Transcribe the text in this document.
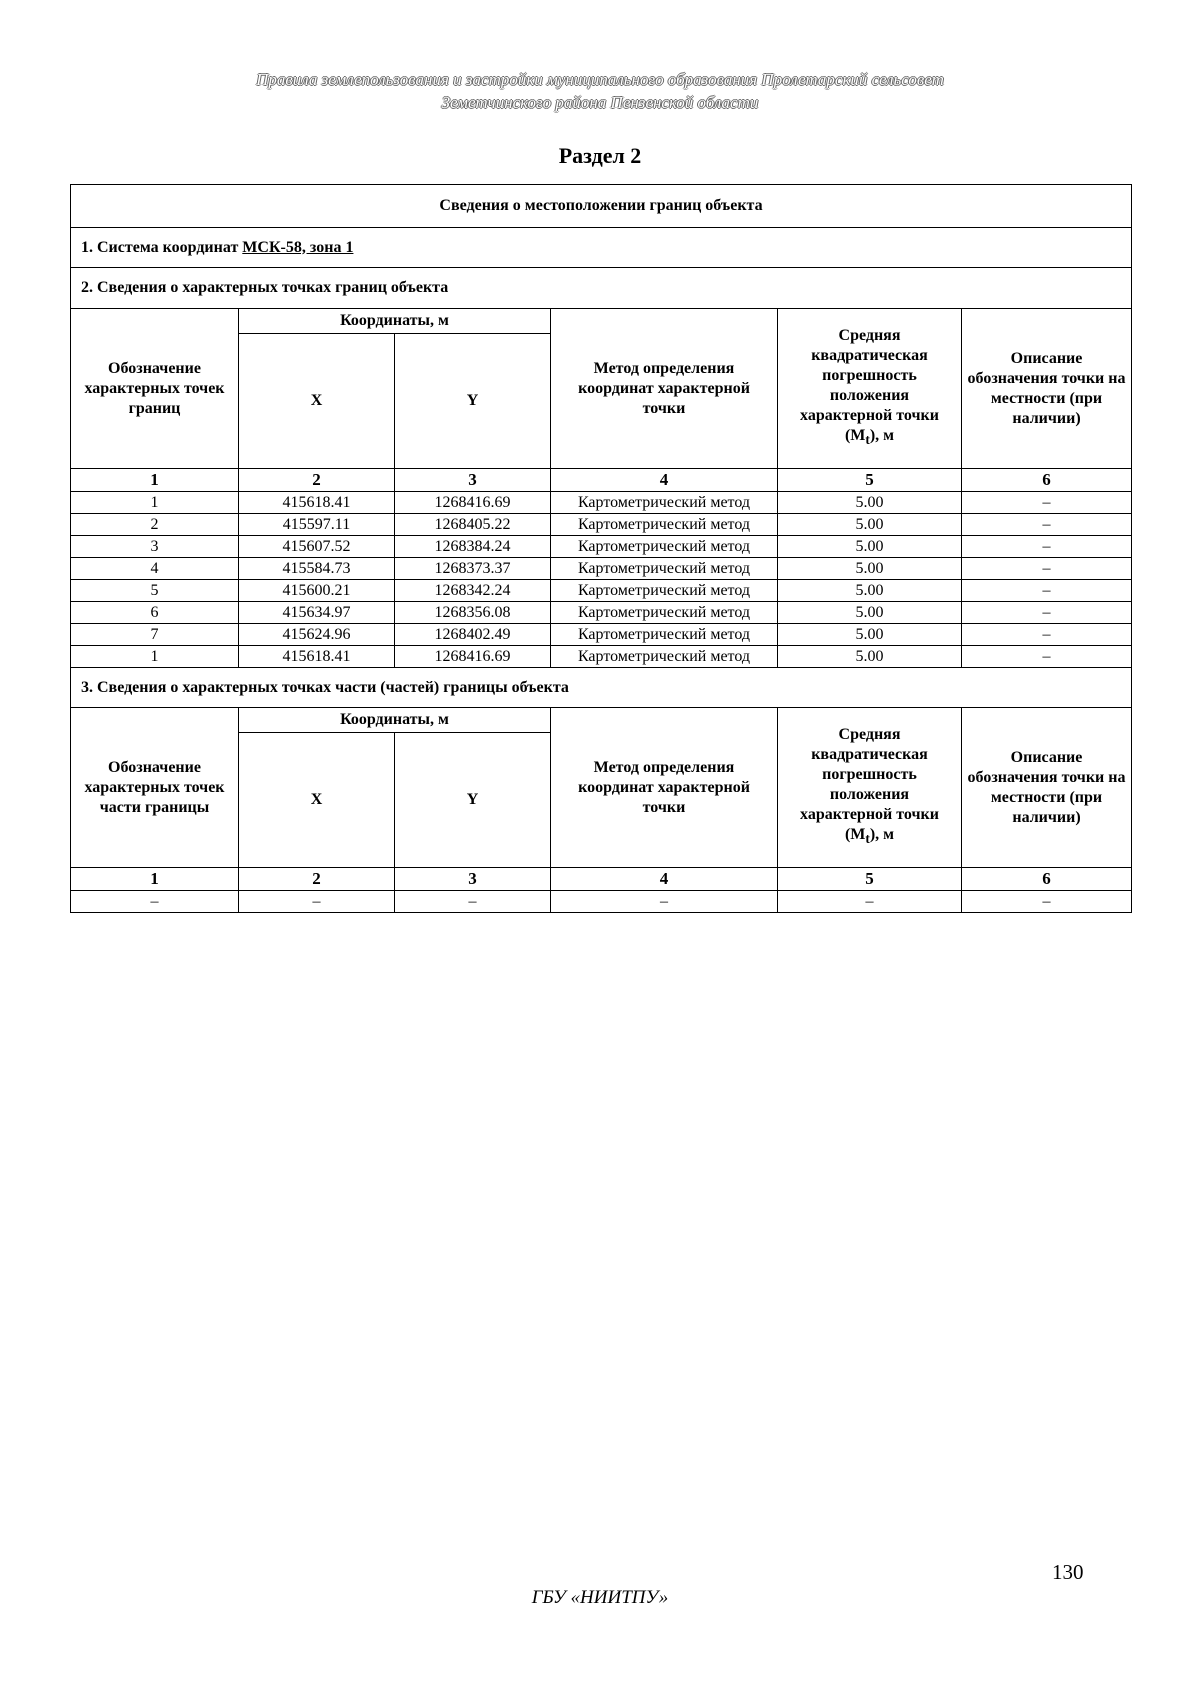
Правила землепользования и застройки муниципального образования Пролетарский сельсовет
Земетчинского района Пензенской области
Раздел 2
Сведения о местоположении границ объекта					
1. Система координат МСК-58, зона 1					
2. Сведения о характерных точках границ объекта					
Обозначение характерных точек границ	Координаты, м		Метод определения координат характерной точки	Средняя квадратическая погрешность положения характерной точки $(M_t)$, м	Описание обозначения точки на местности (при наличии)
	X	Y			
1	2	3	4	5	6
1	415618.41	1268416.69	Картометрический метод	5.00	–
2	415597.11	1268405.22	Картометрический метод	5.00	–
3	415607.52	1268384.24	Картометрический метод	5.00	–
4	415584.73	1268373.37	Картометрический метод	5.00	–
5	415600.21	1268342.24	Картометрический метод	5.00	–
6	415634.97	1268356.08	Картометрический метод	5.00	–
7	415624.96	1268402.49	Картометрический метод	5.00	–
1	415618.41	1268416.69	Картометрический метод	5.00	–
3. Сведения о характерных точках части (частей) границы объекта					
Обозначение характерных точек части границы	Координаты, м		Метод определения координат характерной точки	Средняя квадратическая погрешность положения характерной точки $(M_t)$, м	Описание обозначения точки на местности (при наличии)
	X	Y			
1	2	3	4	5	6
–	–	–	–	–	–
130
ГБУ «НИИТПУ»
